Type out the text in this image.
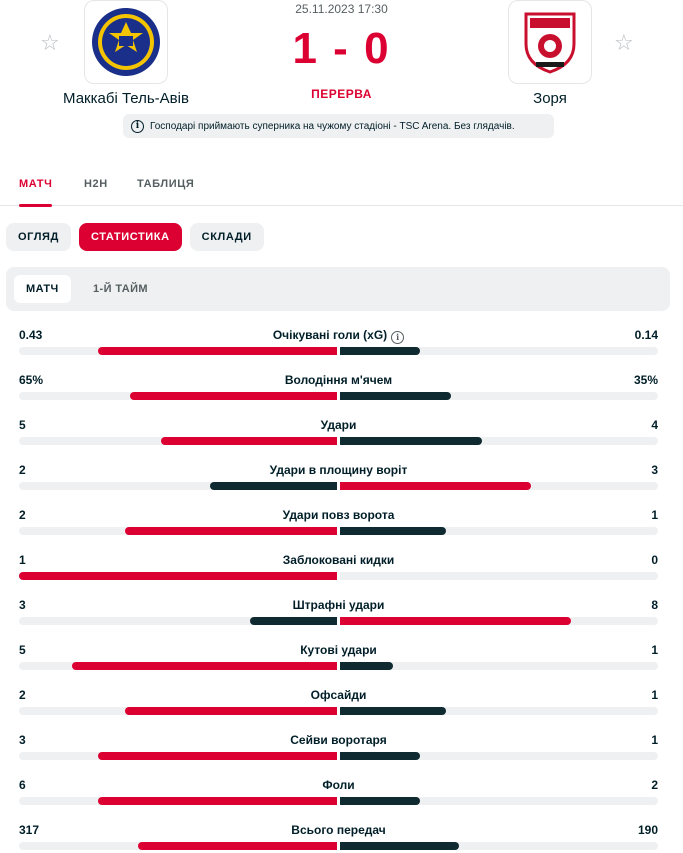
☆
Маккабі Тель-Авів
25.11.2023 17:30
1 - 0
ПЕРЕРВА	Зоря
☆
i	Господарі приймають суперника на чужому стадіоні - TSC Arena. Без глядачів.
МАТЧ	H2H	ТАБЛИЦЯ
ОГЛЯД	СТАТИСТИКА	СКЛАДИ
МАТЧ	1-Й ТАЙМ
0.43	Очікувані голи (xG) i	0.14
65%	Володіння м'ячем	35%
5	Удари	4
2	Удари в площину воріт	3
2	Удари повз ворота	1
1	Заблоковані кидки	0
3	Штрафні удари	8
5	Кутові удари	1
2	Офсайди	1
3	Сейви воротаря	1
6	Фоли	2
317	Всього передач	190
